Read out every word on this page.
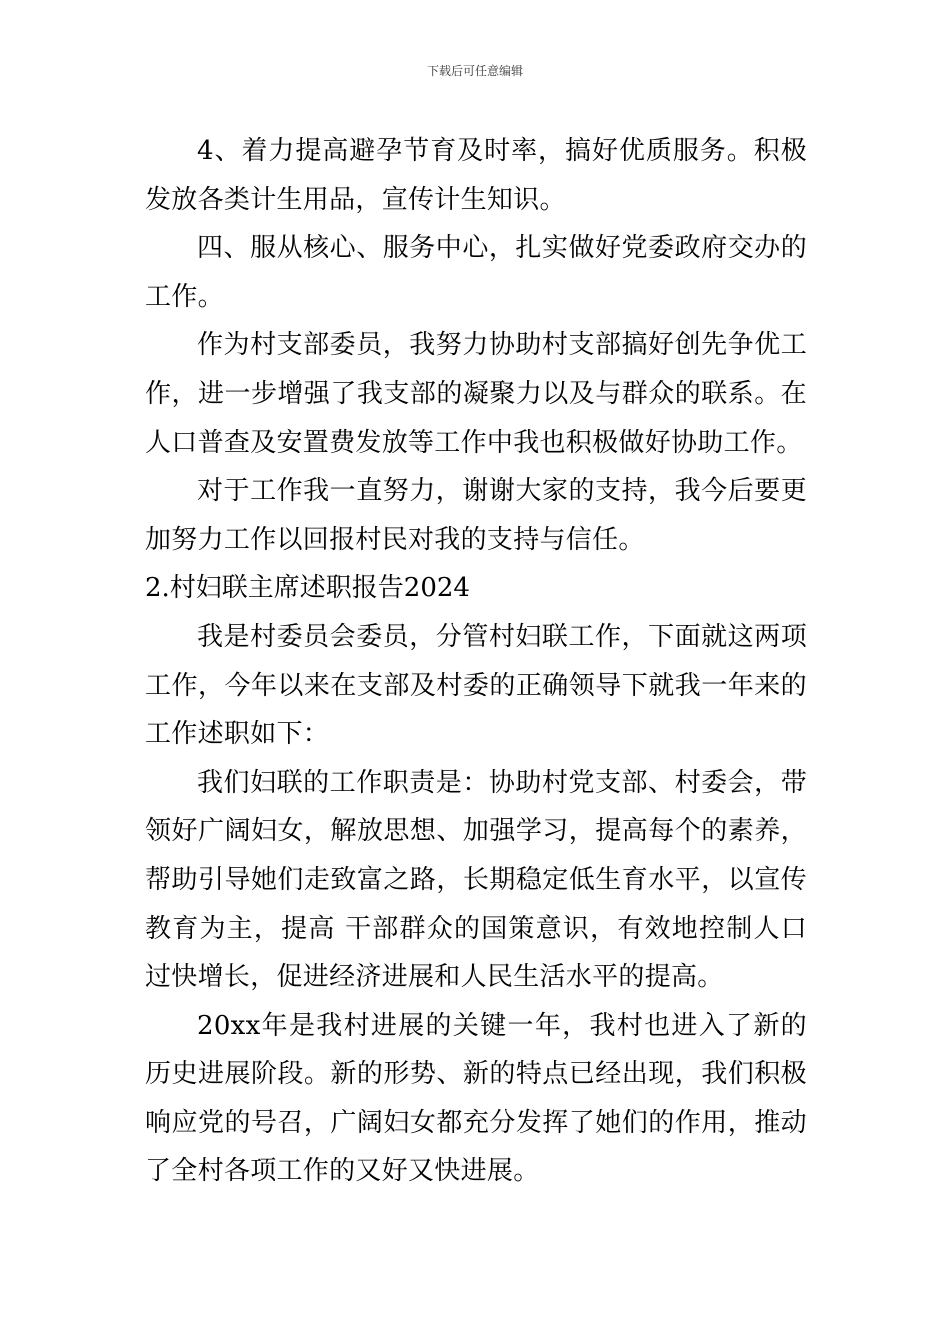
下载后可任意编辑

4、着力提高避孕节育及时率，搞好优质服务。积极发放各类计生用品，宣传计生知识。

四、服从核心、服务中心，扎实做好党委政府交办的工作。

作为村支部委员，我努力协助村支部搞好创先争优工作，进一步增强了我支部的凝聚力以及与群众的联系。在人口普查及安置费发放等工作中我也积极做好协助工作。

对于工作我一直努力，谢谢大家的支持，我今后要更加努力工作以回报村民对我的支持与信任。

2.村妇联主席述职报告2024

我是村委员会委员，分管村妇联工作，下面就这两项工作，今年以来在支部及村委的正确领导下就我一年来的工作述职如下：

我们妇联的工作职责是：协助村党支部、村委会，带领好广阔妇女，解放思想、加强学习，提高每个的素养，帮助引导她们走致富之路，长期稳定低生育水平，以宣传教育为主，提高 干部群众的国策意识，有效地控制人口过快增长，促进经济进展和人民生活水平的提高。

20xx年是我村进展的关键一年，我村也进入了新的历史进展阶段。新的形势、新的特点已经出现，我们积极响应党的号召，广阔妇女都充分发挥了她们的作用，推动了全村各项工作的又好又快进展。
